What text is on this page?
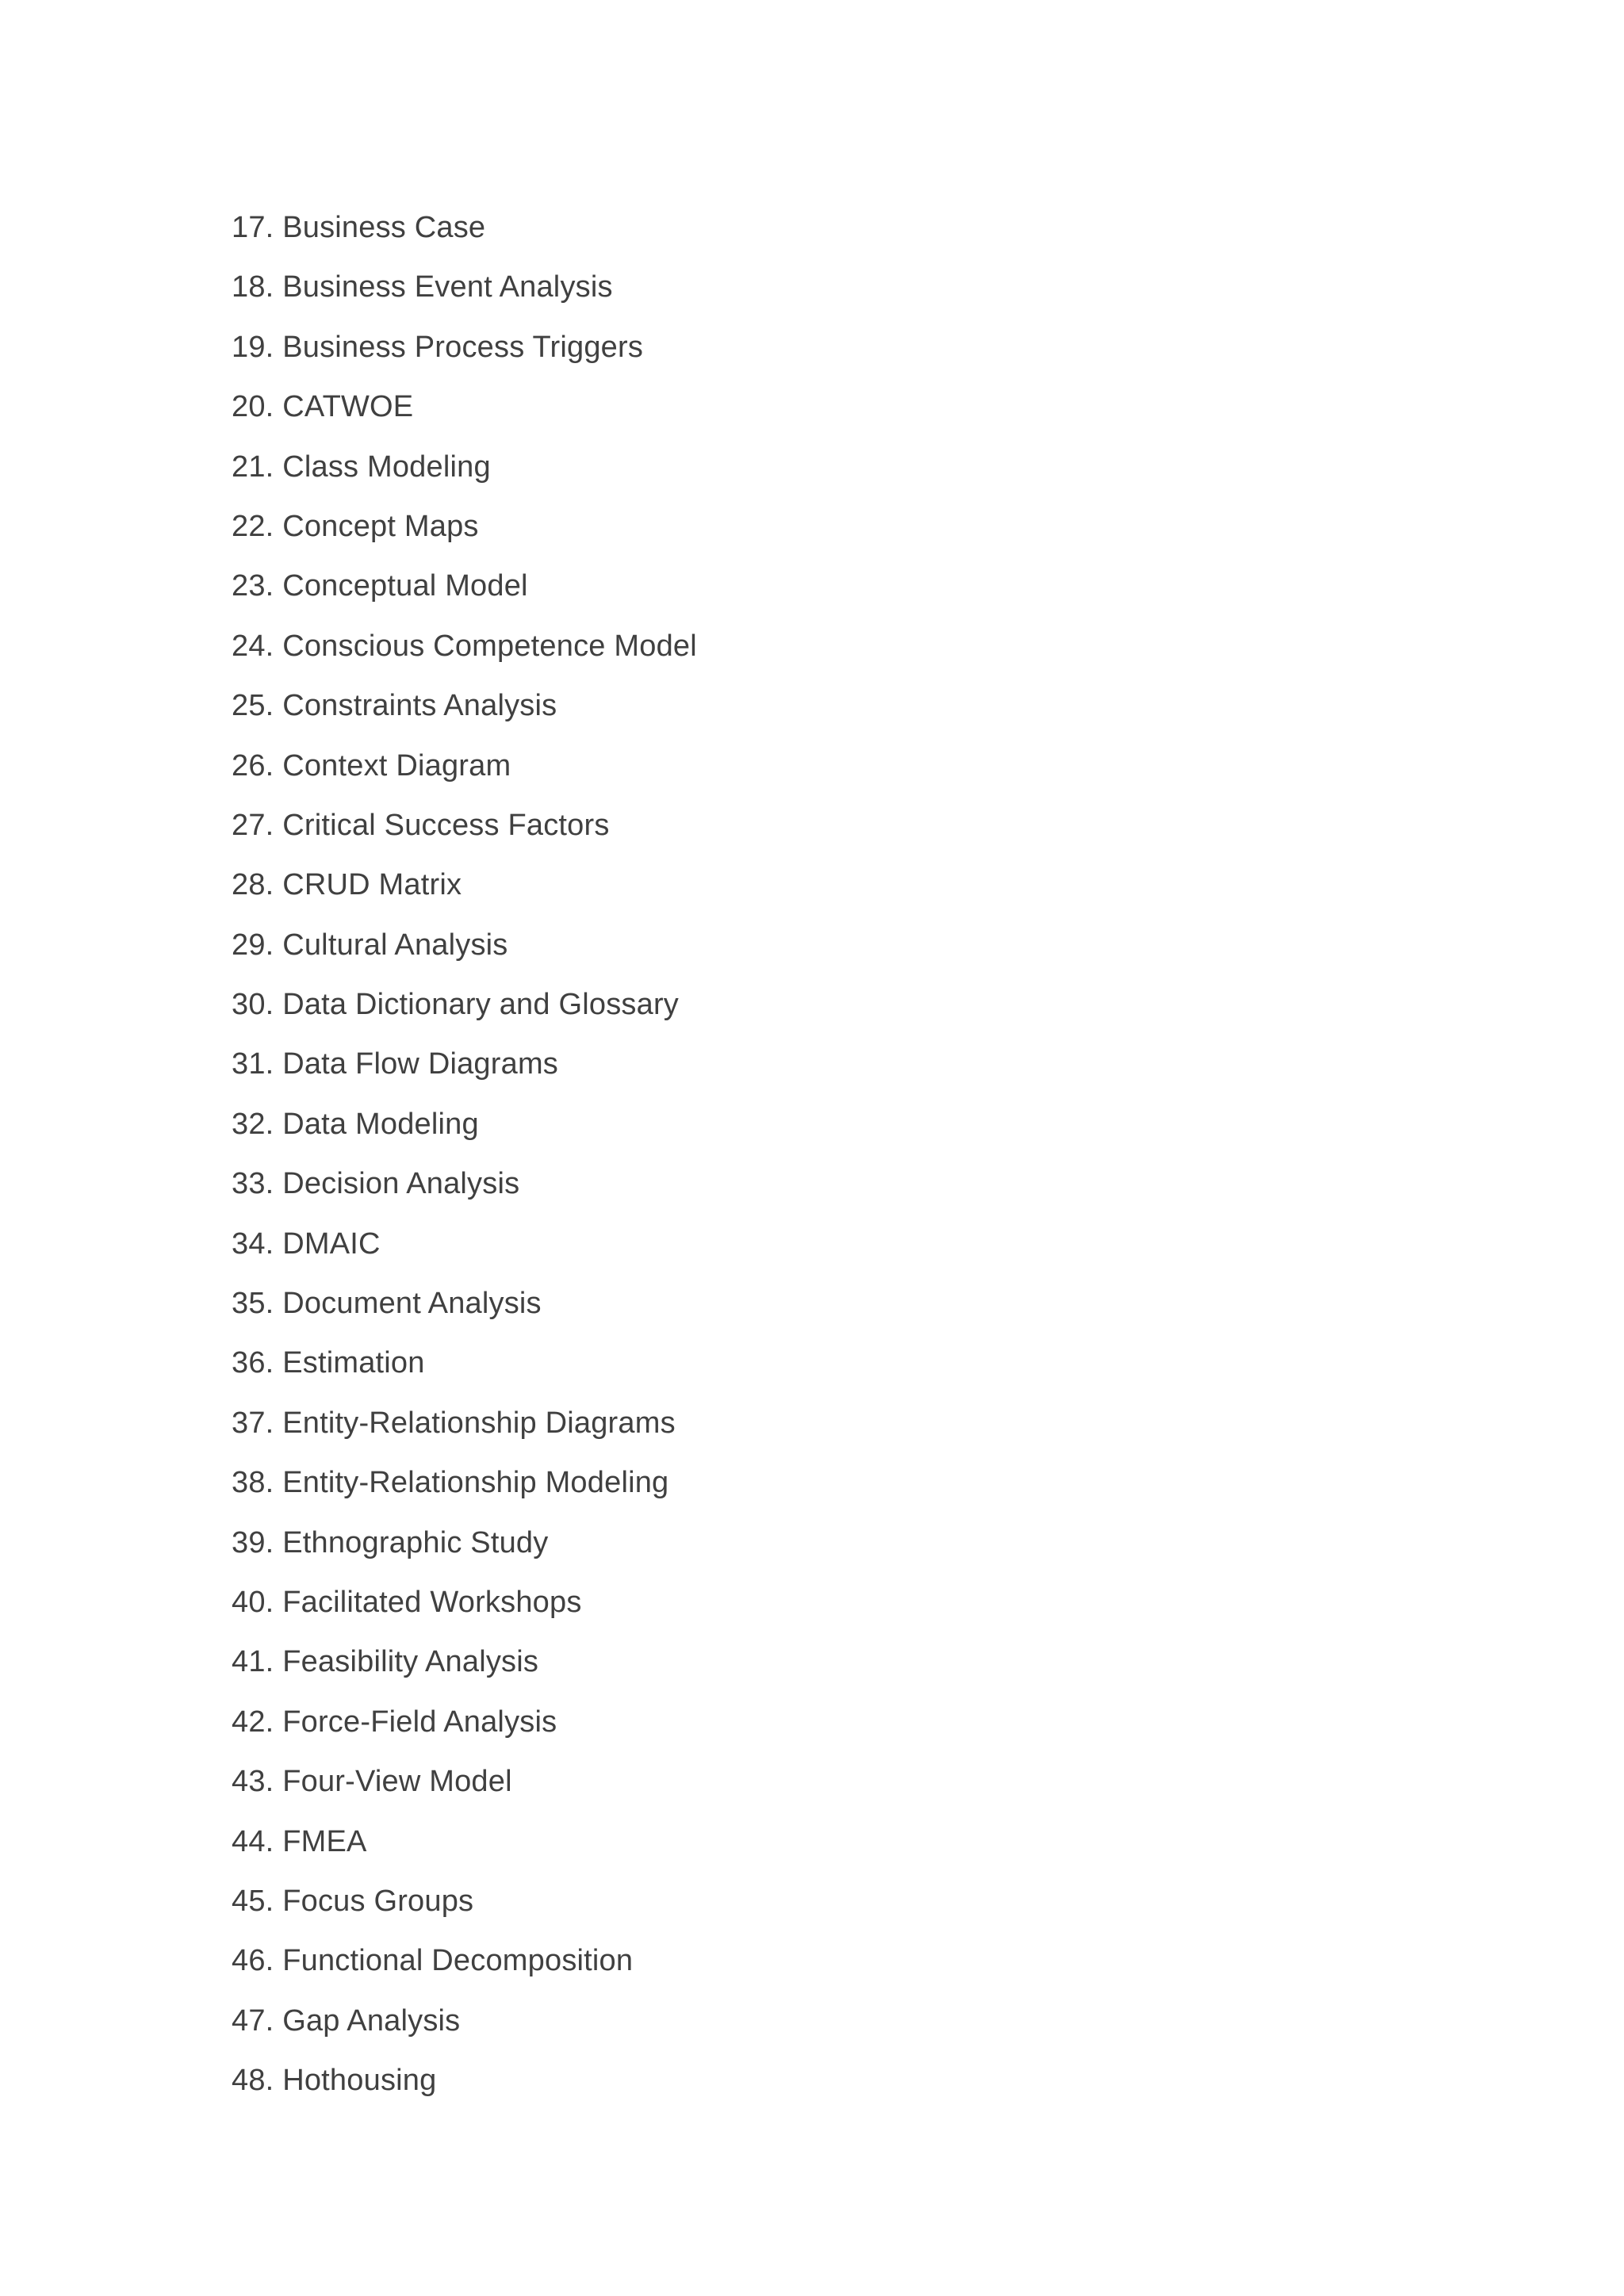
17. Business Case
18. Business Event Analysis
19. Business Process Triggers
20. CATWOE
21. Class Modeling
22. Concept Maps
23. Conceptual Model
24. Conscious Competence Model
25. Constraints Analysis
26. Context Diagram
27. Critical Success Factors
28. CRUD Matrix
29. Cultural Analysis
30. Data Dictionary and Glossary
31. Data Flow Diagrams
32. Data Modeling
33. Decision Analysis
34. DMAIC
35. Document Analysis
36. Estimation
37. Entity-Relationship Diagrams
38. Entity-Relationship Modeling
39. Ethnographic Study
40. Facilitated Workshops
41. Feasibility Analysis
42. Force-Field Analysis
43. Four-View Model
44. FMEA
45. Focus Groups
46. Functional Decomposition
47. Gap Analysis
48. Hothousing
